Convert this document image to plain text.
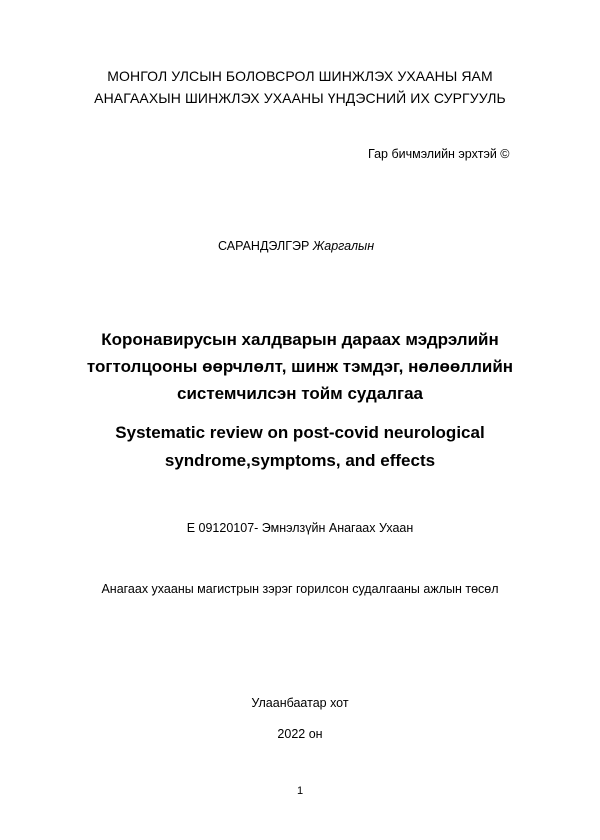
МОНГОЛ УЛСЫН БОЛОВСРОЛ ШИНЖЛЭХ УХААНЫ ЯАМ
АНАГААХЫН ШИНЖЛЭХ УХААНЫ ҮНДЭСНИЙ ИХ СУРГУУЛЬ
Гар бичмэлийн эрхтэй ©
САРАНДЭЛГЭР Жаргалын
Коронавирусын халдварын дараах мэдрэлийн
тогтолцооны өөрчлөлт, шинж тэмдэг, нөлөөллийн
системчилсэн тойм судалгаа
Systematic review on post-covid neurological
syndrome,symptoms, and effects
E 09120107- Эмнэлзүйн Анагаах Ухаан
Анагаах ухааны магистрын зэрэг горилсон судалгааны ажлын төсөл
Улаанбаатар хот
2022 он
1
